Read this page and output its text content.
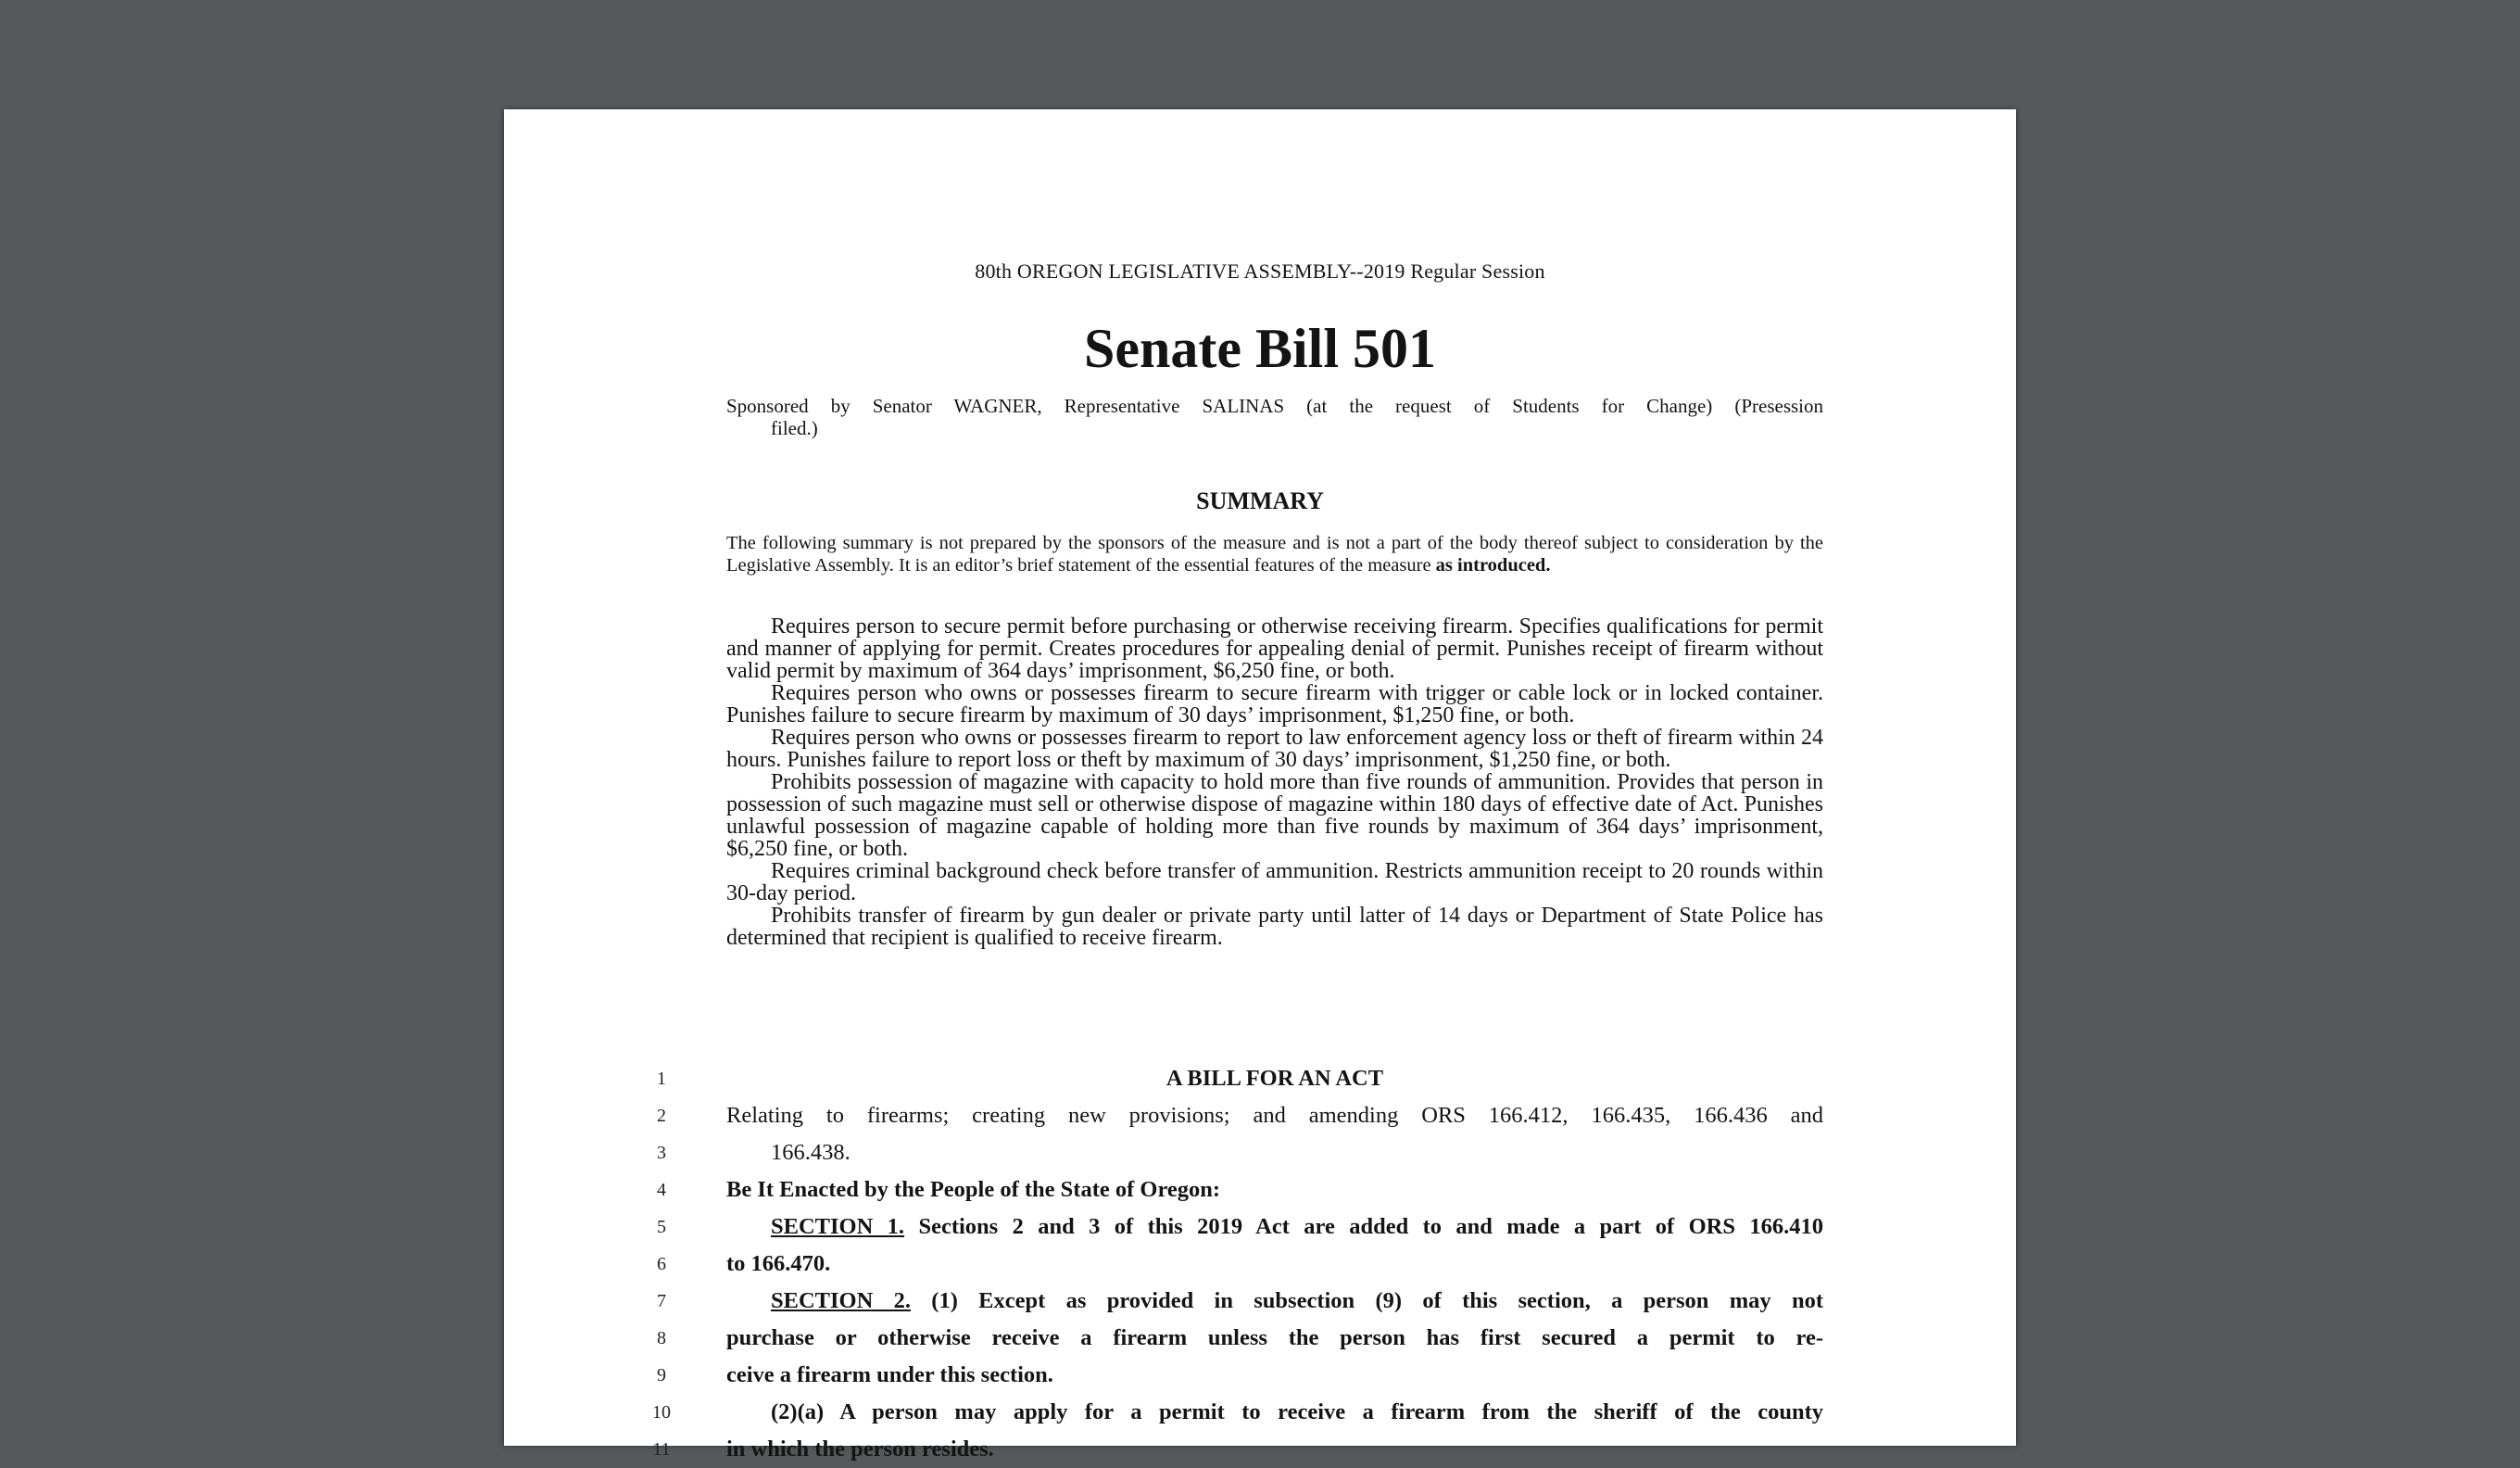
80th OREGON LEGISLATIVE ASSEMBLY--2019 Regular Session
Senate Bill 501
Sponsored by Senator WAGNER, Representative SALINAS (at the request of Students for Change) (Presession
filed.)
SUMMARY
The following summary is not prepared by the sponsors of the measure and is not a part of the body thereof subject to consideration by the Legislative Assembly. It is an editor’s brief statement of the essential features of the measure as introduced.

Requires person to secure permit before purchasing or otherwise receiving firearm. Specifies qualifications for permit and manner of applying for permit. Creates procedures for appealing denial of permit. Punishes receipt of firearm without valid permit by maximum of 364 days’ imprisonment, $6,250 fine, or both.

Requires person who owns or possesses firearm to secure firearm with trigger or cable lock or in locked container. Punishes failure to secure firearm by maximum of 30 days’ imprisonment, $1,250 fine, or both.

Requires person who owns or possesses firearm to report to law enforcement agency loss or theft of firearm within 24 hours. Punishes failure to report loss or theft by maximum of 30 days’ imprisonment, $1,250 fine, or both.

Prohibits possession of magazine with capacity to hold more than five rounds of ammunition. Provides that person in possession of such magazine must sell or otherwise dispose of magazine within 180 days of effective date of Act. Punishes unlawful possession of magazine capable of holding more than five rounds by maximum of 364 days’ imprisonment, $6,250 fine, or both.

Requires criminal background check before transfer of ammunition. Restricts ammunition receipt to 20 rounds within 30-day period.

Prohibits transfer of firearm by gun dealer or private party until latter of 14 days or Department of State Police has determined that recipient is qualified to receive firearm.

1	A BILL FOR AN ACT
2	Relating to firearms; creating new provisions; and amending ORS 166.412, 166.435, 166.436 and
3	166.438.
4	Be It Enacted by the People of the State of Oregon:
5	SECTION 1. Sections 2 and 3 of this 2019 Act are added to and made a part of ORS 166.410
6	to 166.470.
7	SECTION 2. (1) Except as provided in subsection (9) of this section, a person may not
8	purchase or otherwise receive a firearm unless the person has first secured a permit to re-
9	ceive a firearm under this section.
10	(2)(a) A person may apply for a permit to receive a firearm from the sheriff of the county
11	in which the person resides.
